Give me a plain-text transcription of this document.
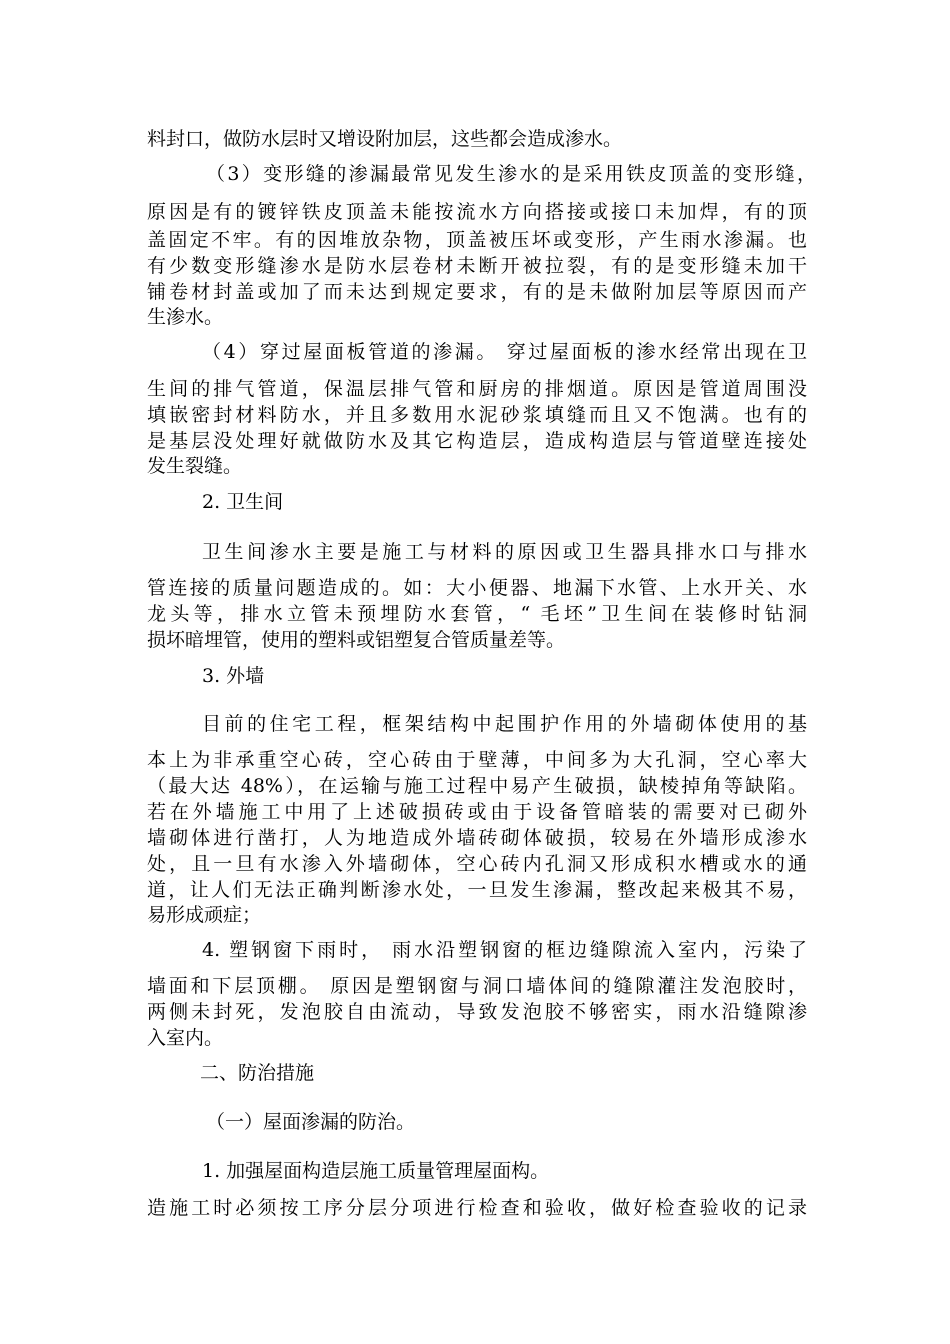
料封口，做防水层时又增设附加层，这些都会造成渗水。
（3）变形缝的渗漏最常见发生渗水的是采用铁皮顶盖的变形缝，
原因是有的镀锌铁皮顶盖未能按流水方向搭接或接口未加焊，有的顶
盖固定不牢。有的因堆放杂物，顶盖被压坏或变形，产生雨水渗漏。也
有少数变形缝渗水是防水层卷材未断开被拉裂，有的是变形缝未加干
铺卷材封盖或加了而未达到规定要求，有的是未做附加层等原因而产
生渗水。
（4）穿过屋面板管道的渗漏。 穿过屋面板的渗水经常出现在卫
生间的排气管道，保温层排气管和厨房的排烟道。原因是管道周围没
填嵌密封材料防水，并且多数用水泥砂浆填缝而且又不饱满。也有的
是基层没处理好就做防水及其它构造层，造成构造层与管道壁连接处
发生裂缝。
2. 卫生间
卫生间渗水主要是施工与材料的原因或卫生器具排水口与排水
管连接的质量问题造成的。如：大小便器、地漏下水管、上水开关、水
龙头等，排水立管未预埋防水套管，“ 毛坯”卫生间在装修时钻洞
损坏暗埋管，使用的塑料或铝塑复合管质量差等。
3. 外墙
目前的住宅工程，框架结构中起围护作用的外墙砌体使用的基
本上为非承重空心砖，空心砖由于壁薄，中间多为大孔洞，空心率大
（最大达 48%），在运输与施工过程中易产生破损，缺棱掉角等缺陷。
若在外墙施工中用了上述破损砖或由于设备管暗装的需要对已砌外
墙砌体进行凿打，人为地造成外墙砖砌体破损，较易在外墙形成渗水
处，且一旦有水渗入外墙砌体，空心砖内孔洞又形成积水槽或水的通
道，让人们无法正确判断渗水处，一旦发生渗漏，整改起来极其不易，
易形成顽症；
4. 塑钢窗下雨时， 雨水沿塑钢窗的框边缝隙流入室内，污染了
墙面和下层顶棚。 原因是塑钢窗与洞口墙体间的缝隙灌注发泡胶时，
两侧未封死，发泡胶自由流动，导致发泡胶不够密实，雨水沿缝隙渗
入室内。
二、防治措施
（一）屋面渗漏的防治。
1. 加强屋面构造层施工质量管理屋面构。
造施工时必须按工序分层分项进行检查和验收，做好检查验收的记录
